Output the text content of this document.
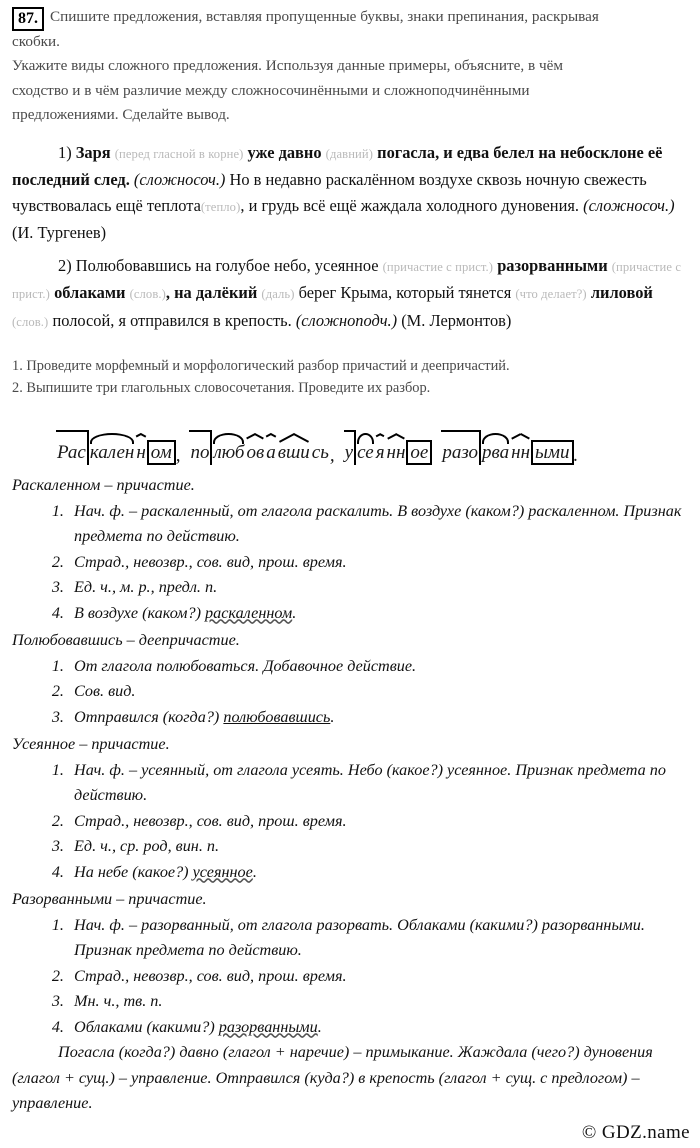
87. Спишите предложения, вставляя пропущенные буквы, знаки препинания, раскрывая
скобки.
Укажите виды сложного предложения. Используя данные примеры, объясните, в чём
сходство и в чём различие между сложносочинёнными и сложноподчинёнными
предложениями. Сделайте вывод.

1) Заря (перед гласной в корне) уже давно (давний) погасла, и едва белел на небосклоне её последний след. (сложносоч.) Но в недавно раскалённом воздухе сквозь ночную свежесть чувствовалась ещё теплота(тепло), и грудь всё ещё жаждала холодного дуновения. (сложносоч.) (И. Тургенев)

2) Полюбовавшись на голубое небо, усеянное (причастие с прист.) разорванными (причастие с прист.) облаками (слов.), на далёкий (даль) берег Крыма, который тянется (что делает?) лиловой (слов.) полосой, я отправился в крепость. (сложноподч.) (М. Лермонтов)

1. Проведите морфемный и морфологический разбор причастий и деепричастий.
2. Выпишите три глагольных словосочетания. Проведите их разбор.
Рас кален н ом , по люб ов а вши сь , у се я нн ое разо рва нн ыми .

Раскаленном – причастие.

1. Нач. ф. – раскаленный, от глагола раскалить. В воздухе (каком?) раскаленном. Признак предмета по действию.
2. Страд., невозвр., сов. вид, прош. время.
3. Ед. ч., м. р., предл. п.
4. В воздухе (каком?) раскаленном.

Полюбовавшись – деепричастие.

1. От глагола полюбоваться. Добавочное действие.
2. Сов. вид.
3. Отправился (когда?) полюбовавшись.

Усеянное – причастие.

1. Нач. ф. – усеянный, от глагола усеять. Небо (какое?) усеянное. Признак предмета по действию.
2. Страд., невозвр., сов. вид, прош. время.
3. Ед. ч., ср. род, вин. п.
4. На небе (какое?) усеянное.

Разорванными – причастие.

1. Нач. ф. – разорванный, от глагола разорвать. Облаками (какими?) разорванными. Признак предмета по действию.
2. Страд., невозвр., сов. вид, прош. время.
3. Мн. ч., тв. п.
4. Облаками (какими?) разорванными.

Погасла (когда?) давно (глагол + наречие) – примыкание. Жаждала (чего?) дуновения (глагол + сущ.) – управление. Отправился (куда?) в крепость (глагол + сущ. с предлогом) – управление.

© GDZ.name
